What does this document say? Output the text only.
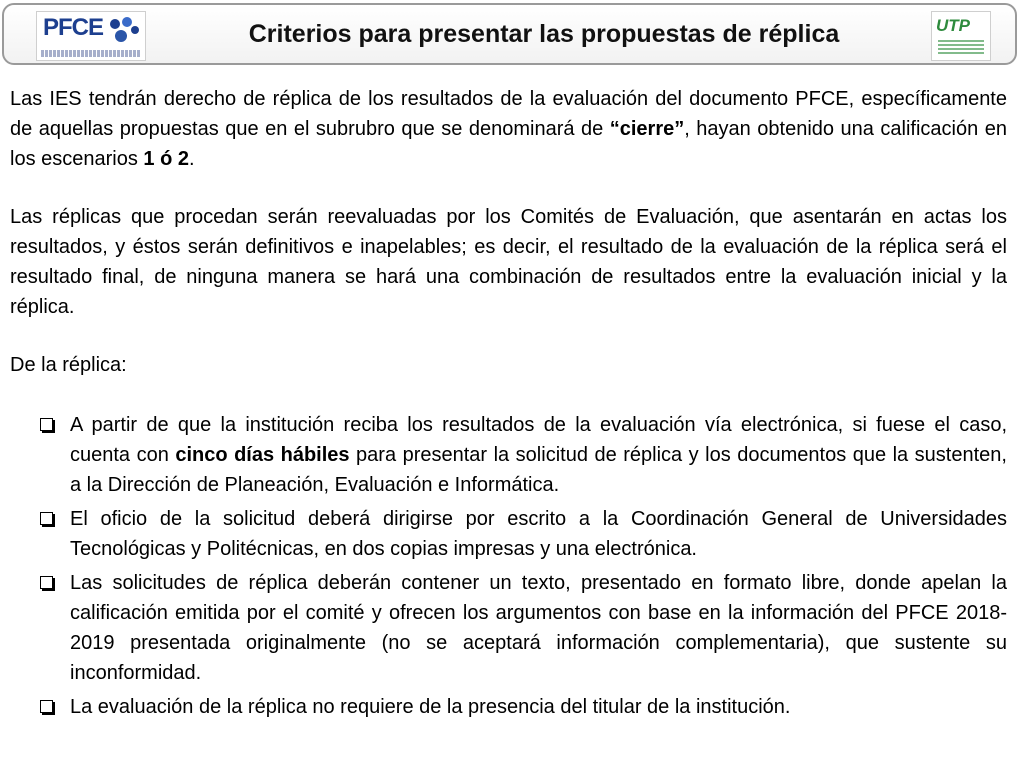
PFCE	Criterios para presentar las propuestas de réplica	UTP

Las IES tendrán derecho de réplica de los resultados de la evaluación del documento PFCE, específicamente de aquellas propuestas que en el subrubro que se denominará de “cierre”, hayan obtenido una calificación en los escenarios 1 ó 2.

Las réplicas que procedan serán reevaluadas por los Comités de Evaluación, que asentarán en actas los resultados, y éstos serán definitivos e inapelables; es decir, el resultado de la evaluación de la réplica será el resultado final, de ninguna manera se hará una combinación de resultados entre la evaluación inicial y la réplica.

De la réplica:

A partir de que la institución reciba los resultados de la evaluación vía electrónica, si fuese el caso, cuenta con cinco días hábiles para presentar la solicitud de réplica y los documentos que la sustenten, a la Dirección de Planeación, Evaluación e Informática.
El oficio de la solicitud deberá dirigirse por escrito a la Coordinación General de Universidades Tecnológicas y Politécnicas, en dos copias impresas y una electrónica.
Las solicitudes de réplica deberán contener un texto, presentado en formato libre, donde apelan la calificación emitida por el comité y ofrecen los argumentos con base en la información del PFCE 2018-2019 presentada originalmente (no se aceptará información complementaria), que sustente su inconformidad.
La evaluación de la réplica no requiere de la presencia del titular de la institución.
